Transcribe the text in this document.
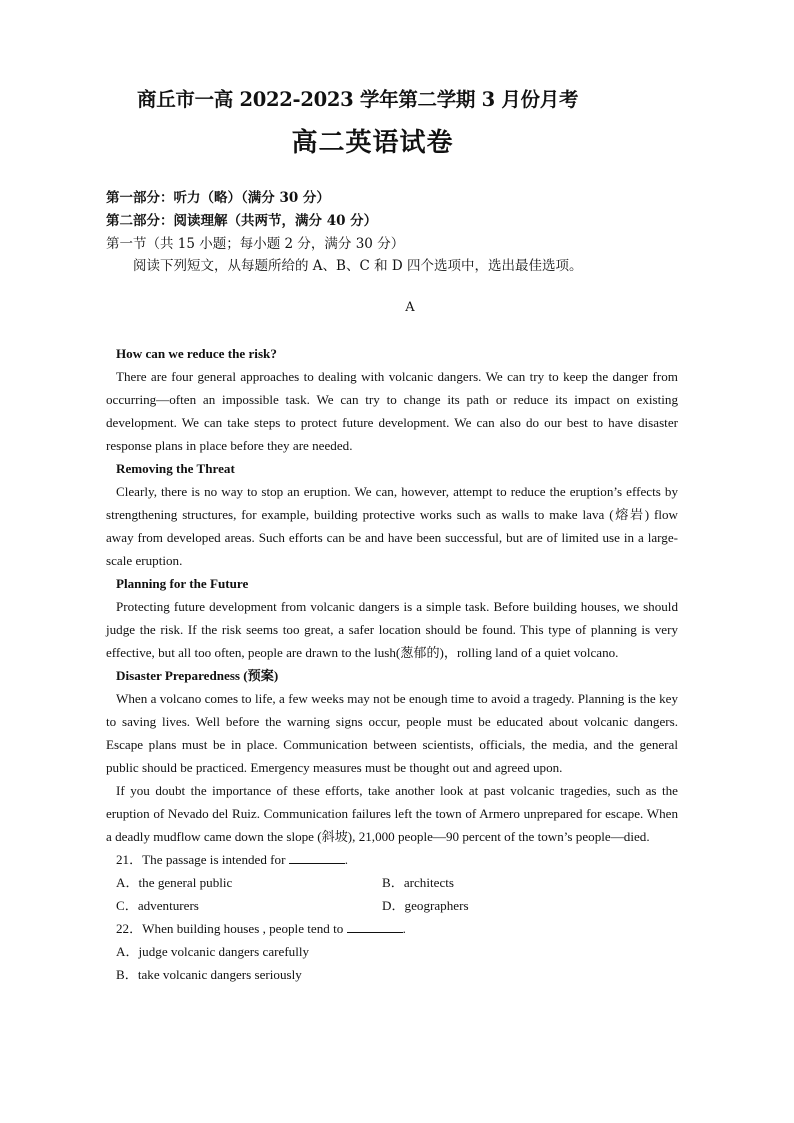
商丘市一高 2022-2023 学年第二学期 3 月份月考
高二英语试卷
第一部分：听力（略）（满分 30 分）
第二部分：阅读理解（共两节，满分 40 分）
第一节（共 15 小题；每小题 2 分，满分 30 分）
阅读下列短文，从每题所给的 A、B、C 和 D 四个选项中，选出最佳选项。
A
How can we reduce the risk?
There are four general approaches to dealing with volcanic dangers. We can try to keep the danger from occurring—often an impossible task. We can try to change its path or reduce its impact on existing development. We can take steps to protect future development. We can also do our best to have disaster response plans in place before they are needed.
Removing the Threat
Clearly, there is no way to stop an eruption. We can, however, attempt to reduce the eruption’s effects by strengthening structures, for example, building protective works such as walls to make lava (熔岩) flow away from developed areas. Such efforts can be and have been successful, but are of limited use in a large-scale eruption.
Planning for the Future
Protecting future development from volcanic dangers is a simple task. Before building houses, we should judge the risk. If the risk seems too great, a safer location should be found. This type of planning is very effective, but all too often, people are drawn to the lush(葱郁的)，rolling land of a quiet volcano.
Disaster Preparedness (预案)
When a volcano comes to life, a few weeks may not be enough time to avoid a tragedy. Planning is the key to saving lives. Well before the warning signs occur, people must be educated about volcanic dangers. Escape plans must be in place. Communication between scientists, officials, the media, and the general public should be practiced. Emergency measures must be thought out and agreed upon.
If you doubt the importance of these efforts, take another look at past volcanic tragedies, such as the eruption of Nevado del Ruiz. Communication failures left the town of Armero unprepared for escape. When a deadly mudflow came down the slope (斜坡), 21,000 people—90 percent of the town’s people—died.
21．The passage is intended for	.
A．the general public	B．architects
C．adventurers	D．geographers
22．When building houses , people tend to	.
A．judge volcanic dangers carefully
B．take volcanic dangers seriously
